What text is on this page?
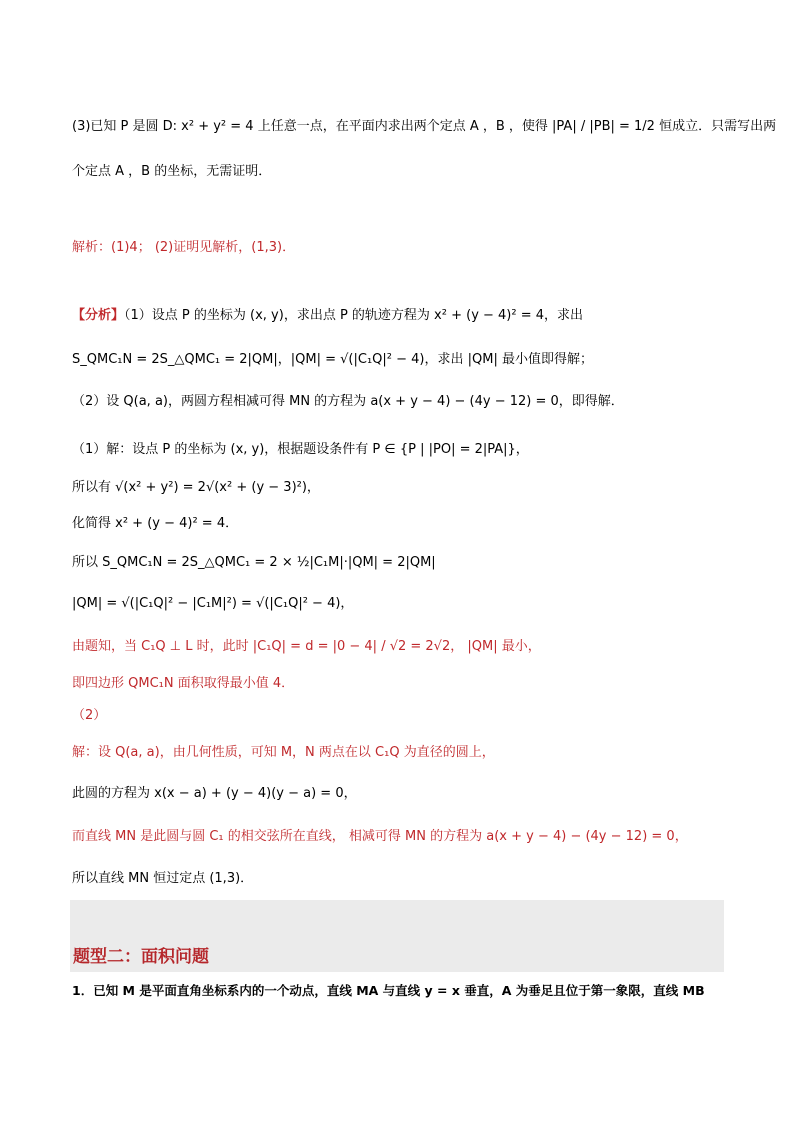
(3)已知 P 是圆 D: x² + y² = 4 上任意一点，在平面内求出两个定点 A ，B ，使得 |PA| / |PB| = 1/2 恒成立．只需写出两
个定点 A ，B 的坐标，无需证明．
解析：(1)4； (2)证明见解析，(1,3)．
【分析】（1）设点 P 的坐标为 (x, y)，求出点 P 的轨迹方程为 x² + (y − 4)² = 4，求出
S_QMC₁N = 2S_△QMC₁ = 2|QM|，|QM| = √(|C₁Q|² − 4)，求出 |QM| 最小值即得解；
（2）设 Q(a, a)，两圆方程相减可得 MN 的方程为 a(x + y − 4) − (4y − 12) = 0，即得解．
（1）解：设点 P 的坐标为 (x, y)，根据题设条件有 P ∈ {P | |PO| = 2|PA|}，
所以有 √(x² + y²) = 2√(x² + (y − 3)²)，
化简得 x² + (y − 4)² = 4．
所以 S_QMC₁N = 2S_△QMC₁ = 2 × ½|C₁M|·|QM| = 2|QM|
|QM| = √(|C₁Q|² − |C₁M|²) = √(|C₁Q|² − 4)，
由题知，当 C₁Q ⊥ L 时，此时 |C₁Q| = d = |0 − 4| / √2 = 2√2， |QM| 最小，
即四边形 QMC₁N 面积取得最小值 4．
（2）
解：设 Q(a, a)，由几何性质，可知 M，N 两点在以 C₁Q 为直径的圆上，
此圆的方程为 x(x − a) + (y − 4)(y − a) = 0，
而直线 MN 是此圆与圆 C₁ 的相交弦所在直线， 相减可得 MN 的方程为 a(x + y − 4) − (4y − 12) = 0，
所以直线 MN 恒过定点 (1,3)．
题型二：面积问题
1．已知 M 是平面直角坐标系内的一个动点，直线 MA 与直线 y = x 垂直，A 为垂足且位于第一象限，直线 MB
